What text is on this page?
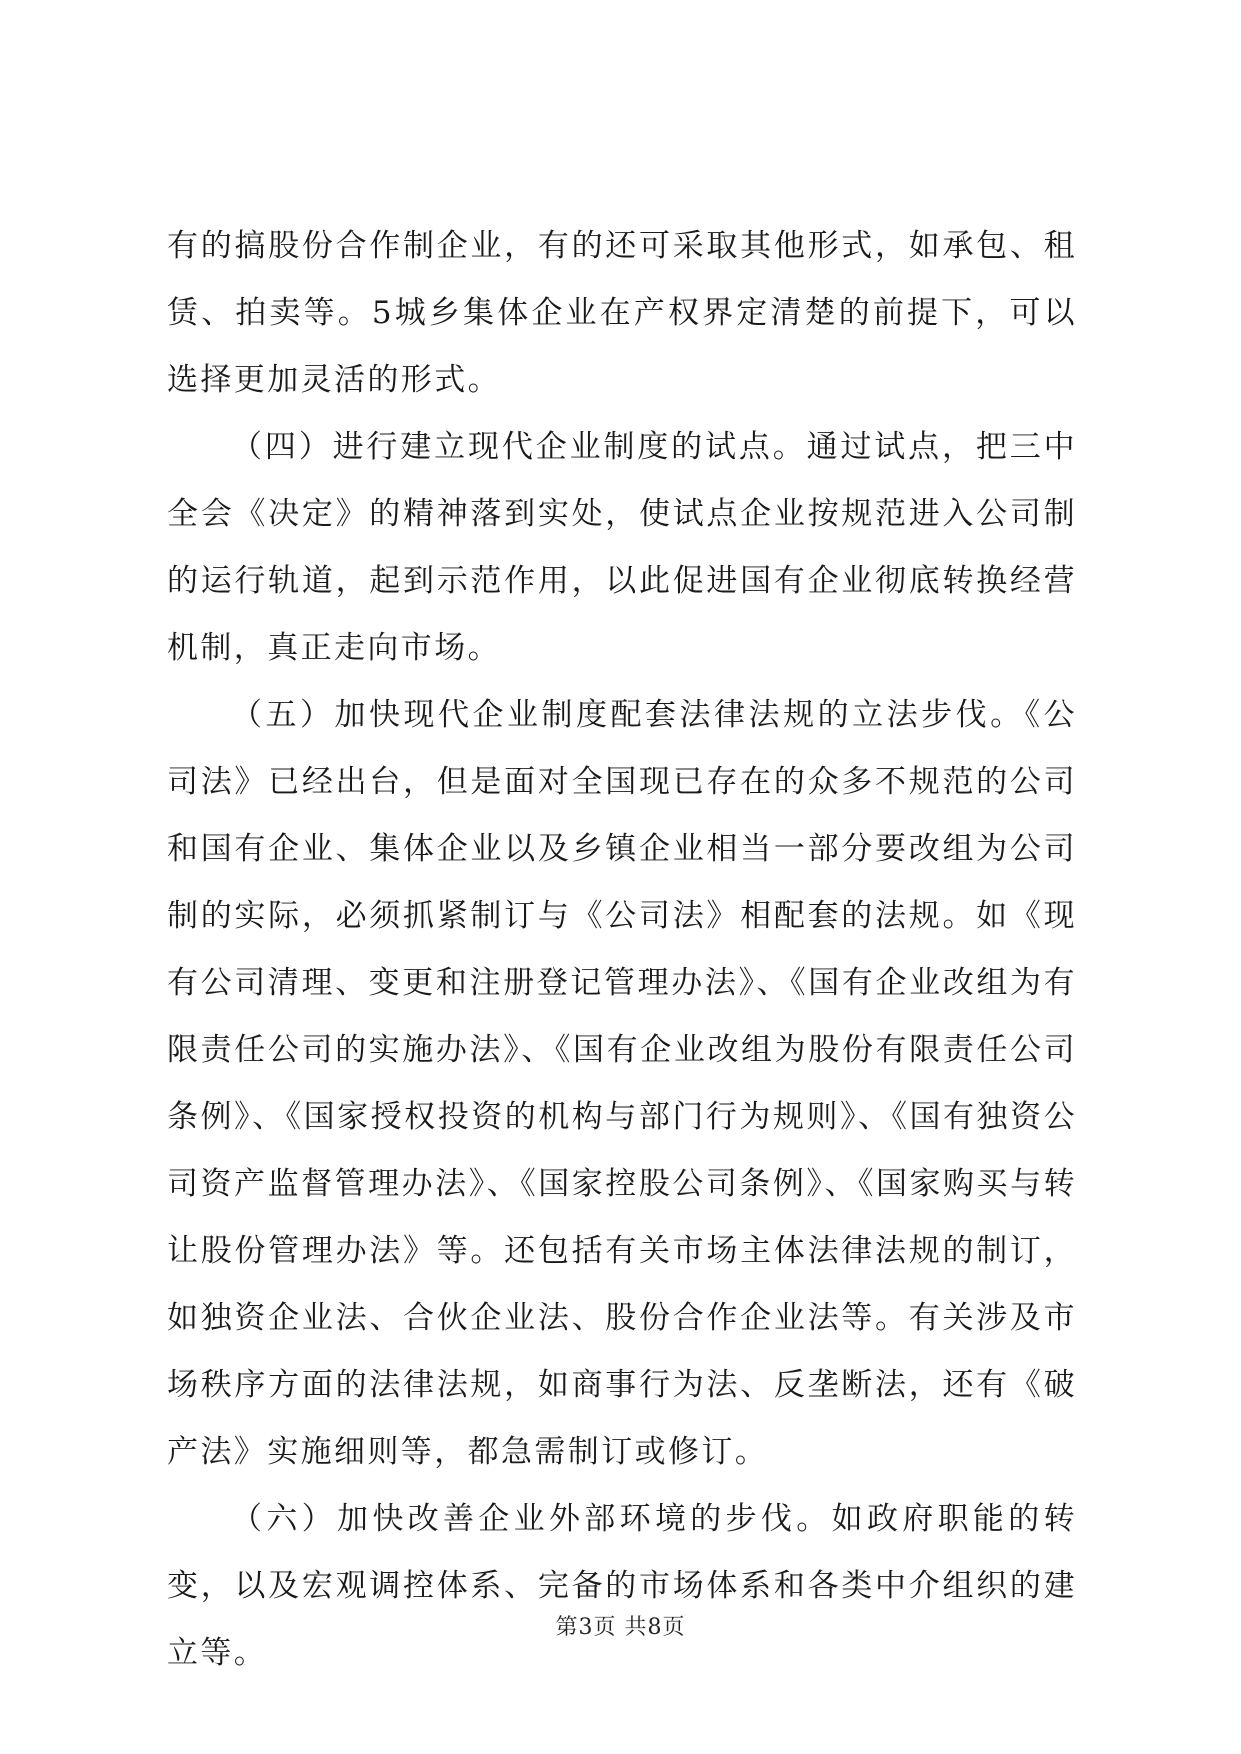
有的搞股份合作制企业，有的还可采取其他形式，如承包、租赁、拍卖等。5城乡集体企业在产权界定清楚的前提下，可以选择更加灵活的形式。

（四）进行建立现代企业制度的试点。通过试点，把三中全会《决定》的精神落到实处，使试点企业按规范进入公司制的运行轨道，起到示范作用，以此促进国有企业彻底转换经营机制，真正走向市场。

（五）加快现代企业制度配套法律法规的立法步伐。《公司法》已经出台，但是面对全国现已存在的众多不规范的公司和国有企业、集体企业以及乡镇企业相当一部分要改组为公司制的实际，必须抓紧制订与《公司法》相配套的法规。如《现有公司清理、变更和注册登记管理办法》、《国有企业改组为有限责任公司的实施办法》、《国有企业改组为股份有限责任公司条例》、《国家授权投资的机构与部门行为规则》、《国有独资公司资产监督管理办法》、《国家控股公司条例》、《国家购买与转让股份管理办法》等。还包括有关市场主体法律法规的制订，如独资企业法、合伙企业法、股份合作企业法等。有关涉及市场秩序方面的法律法规，如商事行为法、反垄断法，还有《破产法》实施细则等，都急需制订或修订。

（六）加快改善企业外部环境的步伐。如政府职能的转变，以及宏观调控体系、完备的市场体系和各类中介组织的建立等。

第3页 共8页
